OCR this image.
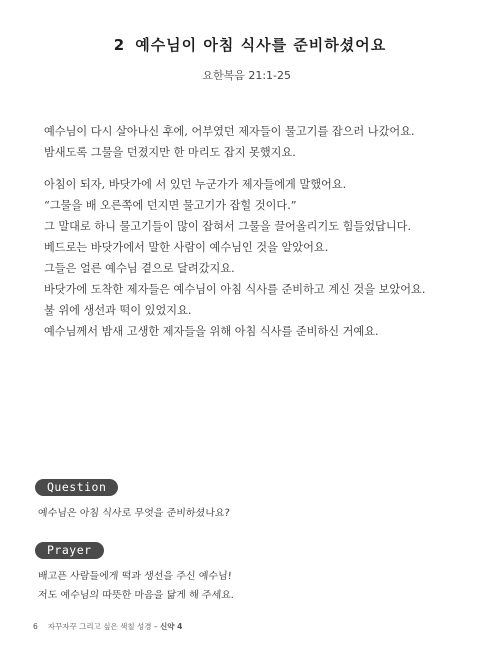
2 예수님이 아침 식사를 준비하셨어요
요한복음 21:1-25

예수님이 다시 살아나신 후에, 어부였던 제자들이 물고기를 잡으러 나갔어요.
밤새도록 그물을 던졌지만 한 마리도 잡지 못했지요.

아침이 되자, 바닷가에 서 있던 누군가가 제자들에게 말했어요.
“그물을 배 오른쪽에 던지면 물고기가 잡힐 것이다.”
그 말대로 하니 물고기들이 많이 잡혀서 그물을 끌어올리기도 힘들었답니다.
베드로는 바닷가에서 말한 사람이 예수님인 것을 알았어요.
그들은 얼른 예수님 곁으로 달려갔지요.
바닷가에 도착한 제자들은 예수님이 아침 식사를 준비하고 계신 것을 보았어요.
불 위에 생선과 떡이 있었지요.
예수님께서 밤새 고생한 제자들을 위해 아침 식사를 준비하신 거예요.

Question
예수님은 아침 식사로 무엇을 준비하셨나요?
Prayer
배고픈 사람들에게 떡과 생선을 주신 예수님!
저도 예수님의 따뜻한 마음을 닮게 해 주세요.
6 자꾸자꾸 그리고 싶은 색칠 성경 – 신약 4
